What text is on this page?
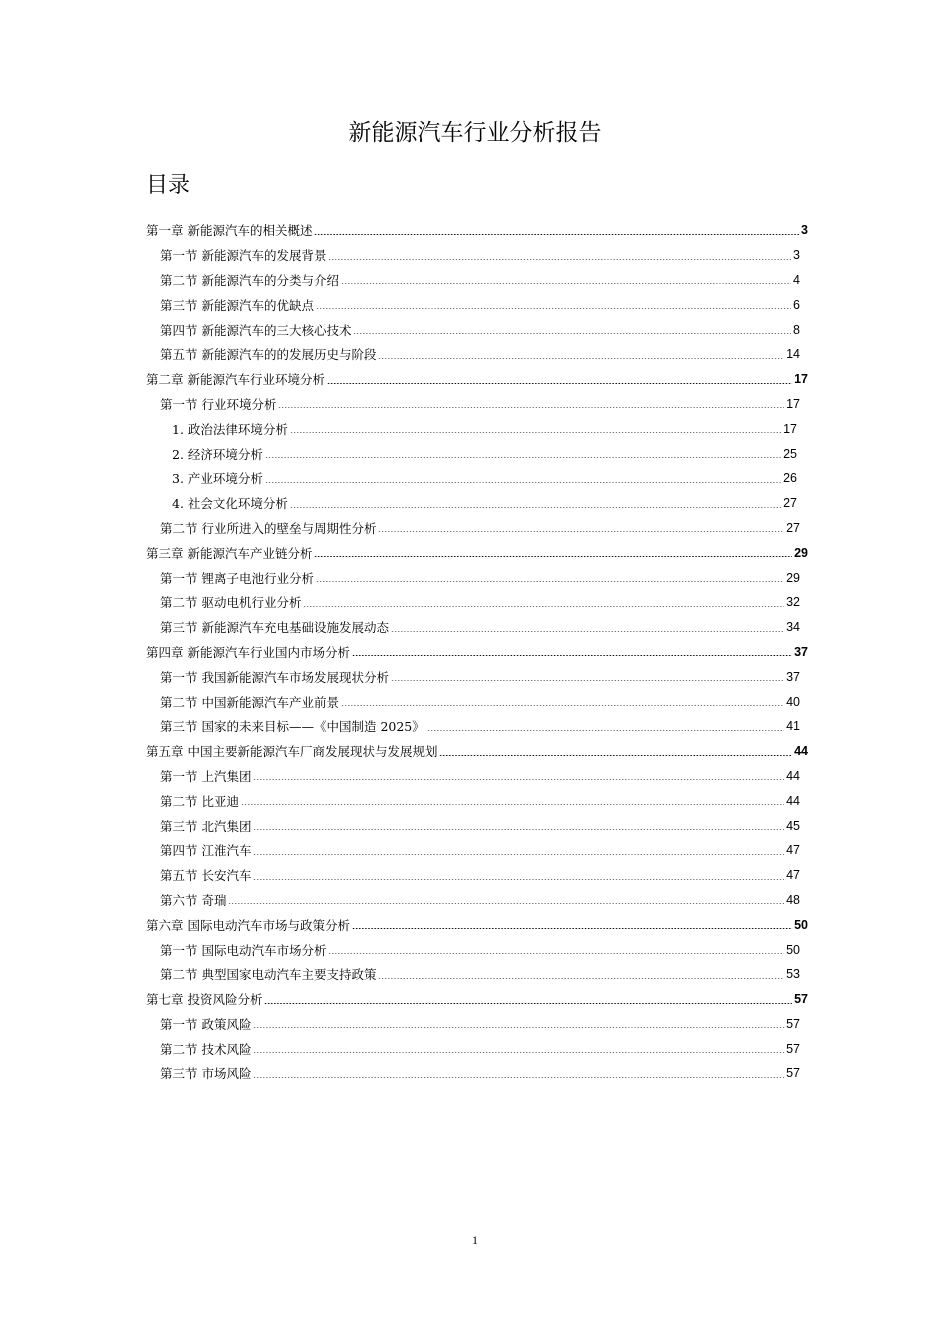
新能源汽车行业分析报告
目录
第一章 新能源汽车的相关概述	3
第一节 新能源汽车的发展背景	3
第二节 新能源汽车的分类与介绍	4
第三节 新能源汽车的优缺点	6
第四节 新能源汽车的三大核心技术	8
第五节 新能源汽车的的发展历史与阶段	14
第二章 新能源汽车行业环境分析	17
第一节 行业环境分析	17
1. 政治法律环境分析	17
2. 经济环境分析	25
3. 产业环境分析	26
4. 社会文化环境分析	27
第二节 行业所进入的壁垒与周期性分析	27
第三章 新能源汽车产业链分析	29
第一节 锂离子电池行业分析	29
第二节 驱动电机行业分析	32
第三节 新能源汽车充电基础设施发展动态	34
第四章 新能源汽车行业国内市场分析	37
第一节 我国新能源汽车市场发展现状分析	37
第二节 中国新能源汽车产业前景	40
第三节 国家的未来目标——《中国制造 2025》	41
第五章 中国主要新能源汽车厂商发展现状与发展规划	44
第一节 上汽集团	44
第二节 比亚迪	44
第三节 北汽集团	45
第四节 江淮汽车	47
第五节 长安汽车	47
第六节 奇瑞	48
第六章 国际电动汽车市场与政策分析	50
第一节 国际电动汽车市场分析	50
第二节 典型国家电动汽车主要支持政策	53
第七章 投资风险分析	57
第一节 政策风险	57
第二节 技术风险	57
第三节 市场风险	57
1
